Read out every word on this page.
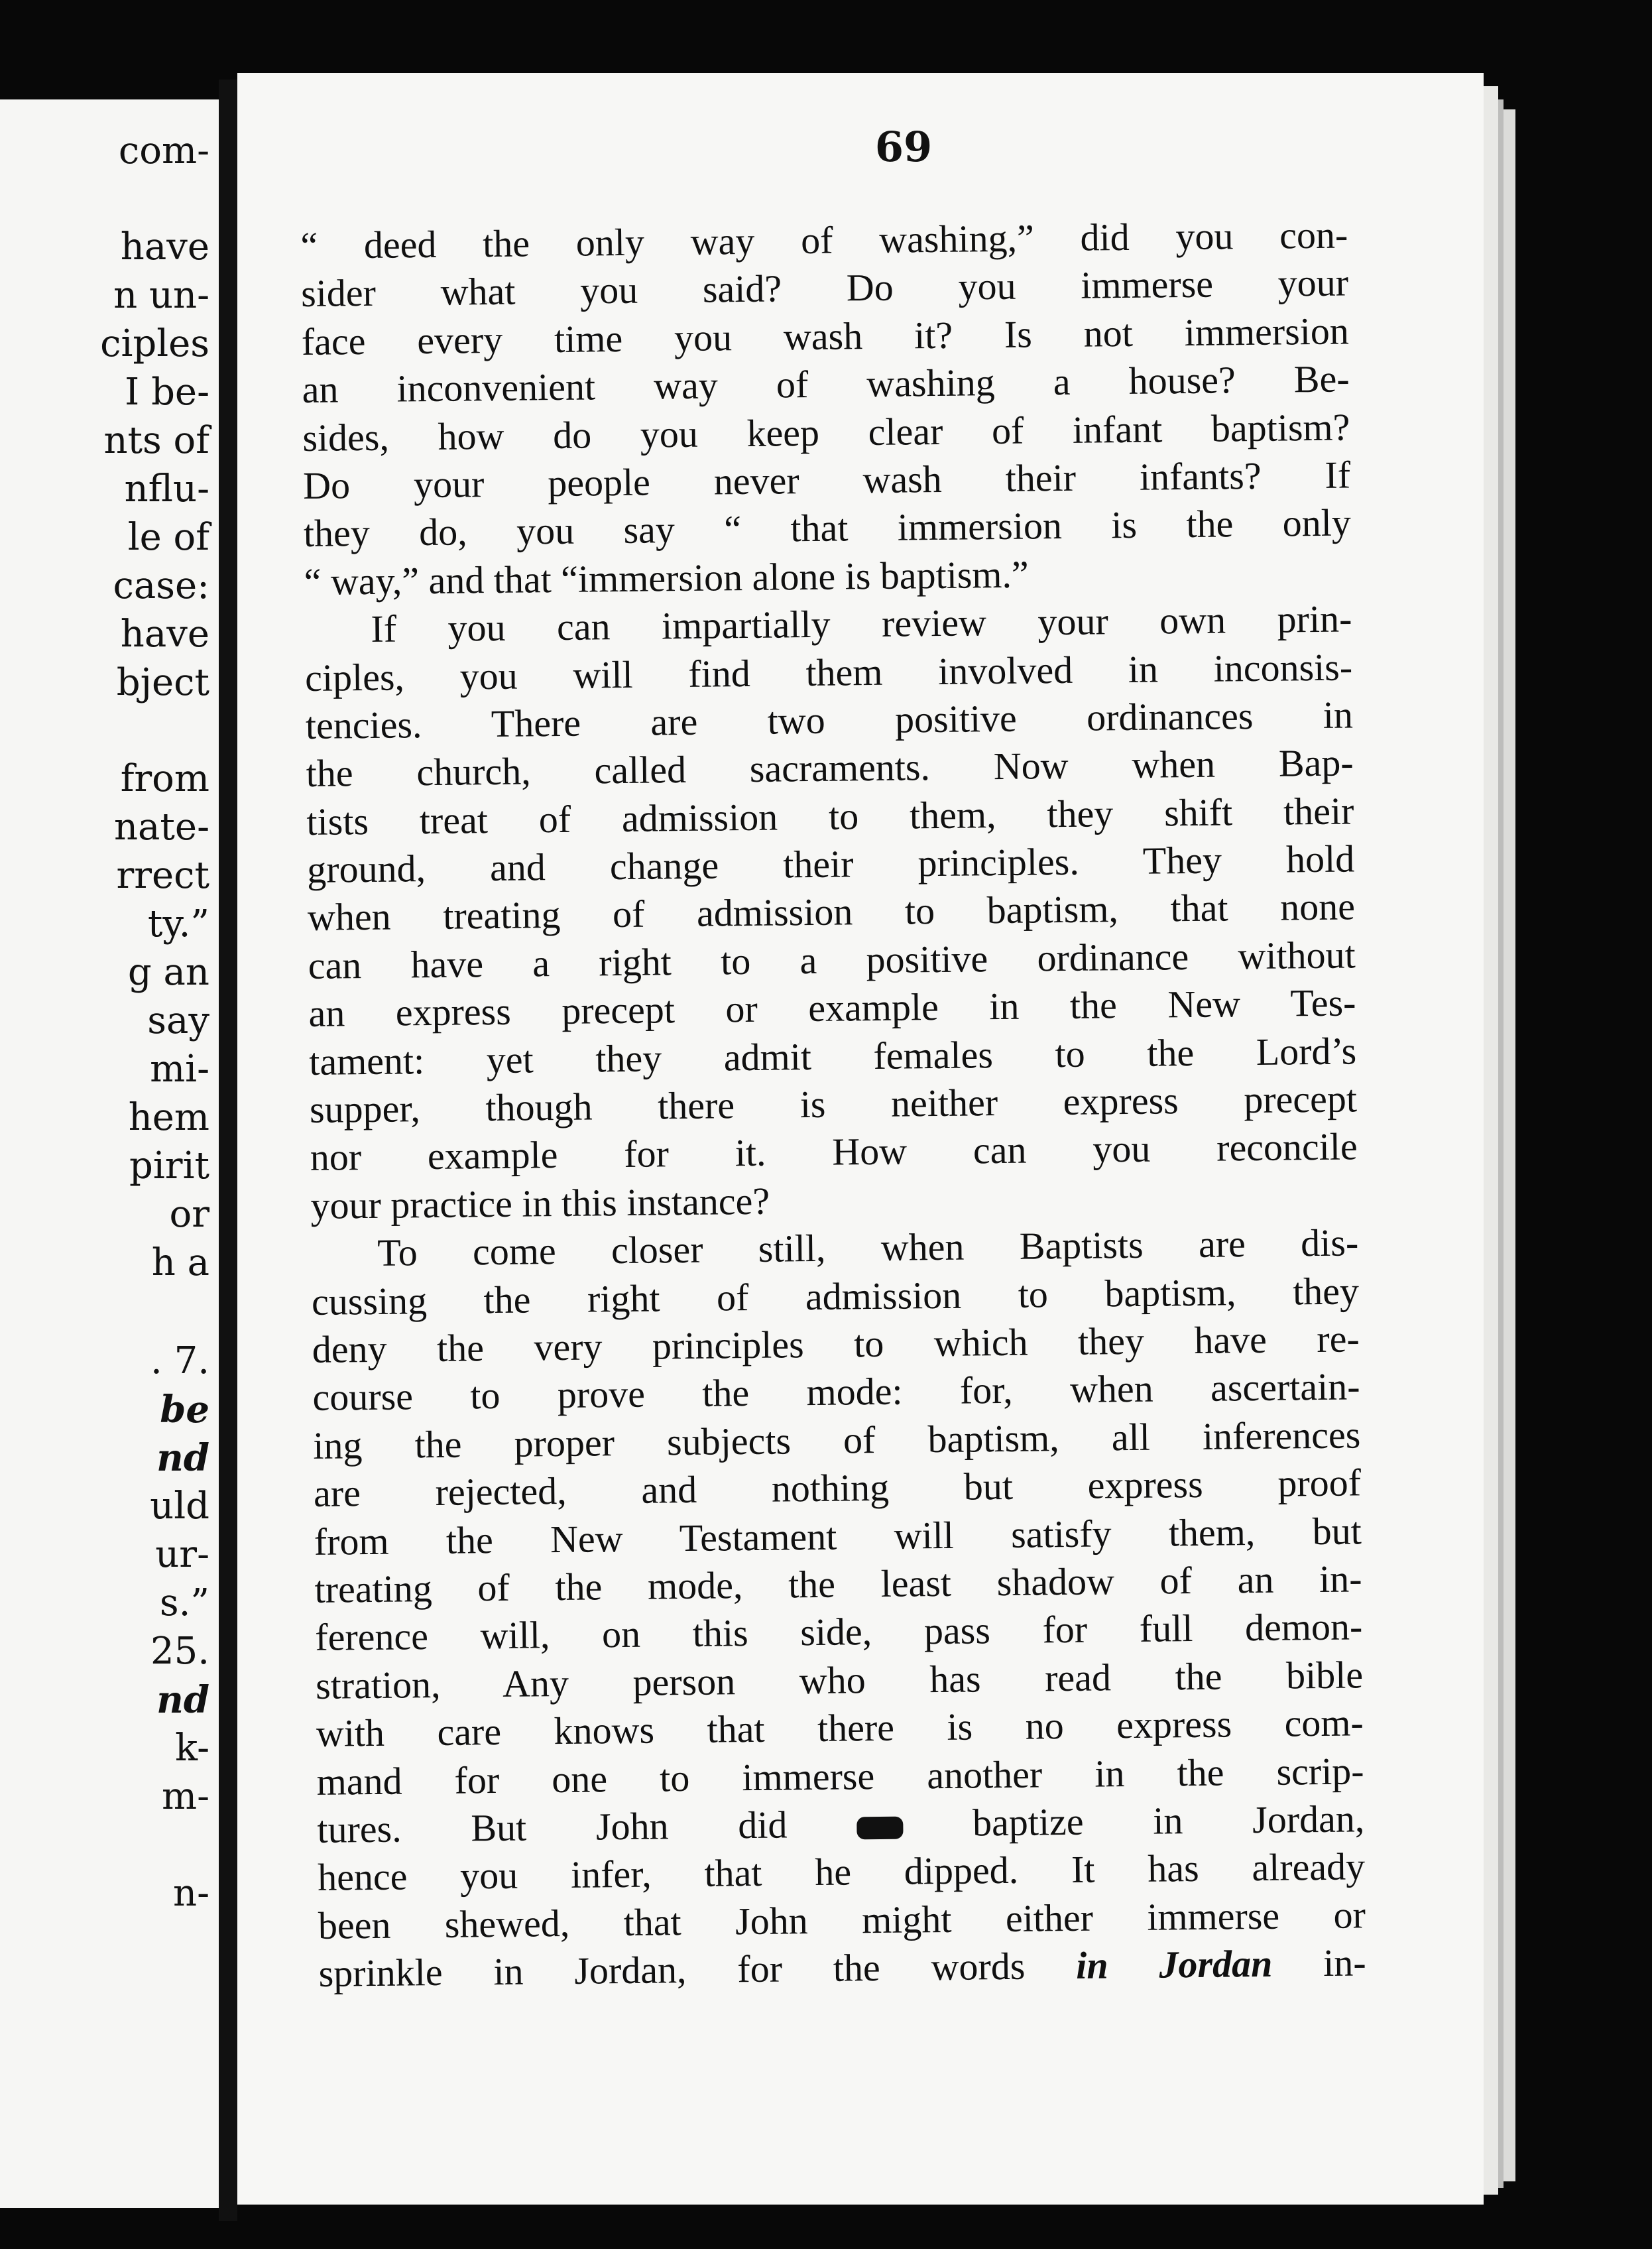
com-
have
n un-
ciples
I be-
nts of
nflu-
le of
case:
have
bject
from
nate-
rrect
ty.”
g an
say
mi-
hem
pirit
or
h a
. 7.
be
nd
uld
ur-
s.”
25.
nd
k-
m-
n-
69
“ deed the only way of washing,” did you con-
sider what you said? Do you immerse your
face every time you wash it? Is not immersion
an inconvenient way of washing a house? Be-
sides, how do you keep clear of infant baptism?
Do your people never wash their infants? If
they do, you say “ that immersion is the only
“ way,” and that “immersion alone is baptism.”
If you can impartially review your own prin-
ciples, you will find them involved in inconsis-
tencies. There are two positive ordinances in
the church, called sacraments. Now when Bap-
tists treat of admission to them, they shift their
ground, and change their principles. They hold
when treating of admission to baptism, that none
can have a right to a positive ordinance without
an express precept or example in the New Tes-
tament: yet they admit females to the Lord’s
supper, though there is neither express precept
nor example for it. How can you reconcile
your practice in this instance?
To come closer still, when Baptists are dis-
cussing the right of admission to baptism, they
deny the very principles to which they have re-
course to prove the mode: for, when ascertain-
ing the proper subjects of baptism, all inferences
are rejected, and nothing but express proof
from the New Testament will satisfy them, but
treating of the mode, the least shadow of an in-
ference will, on this side, pass for full demon-
stration, Any person who has read the bible
with care knows that there is no express com-
mand for one to immerse another in the scrip-
tures. But John did	baptize in Jordan,
hence you infer, that he dipped. It has already
been shewed, that John might either immerse or
sprinkle in Jordan, for the words in Jordan in-
